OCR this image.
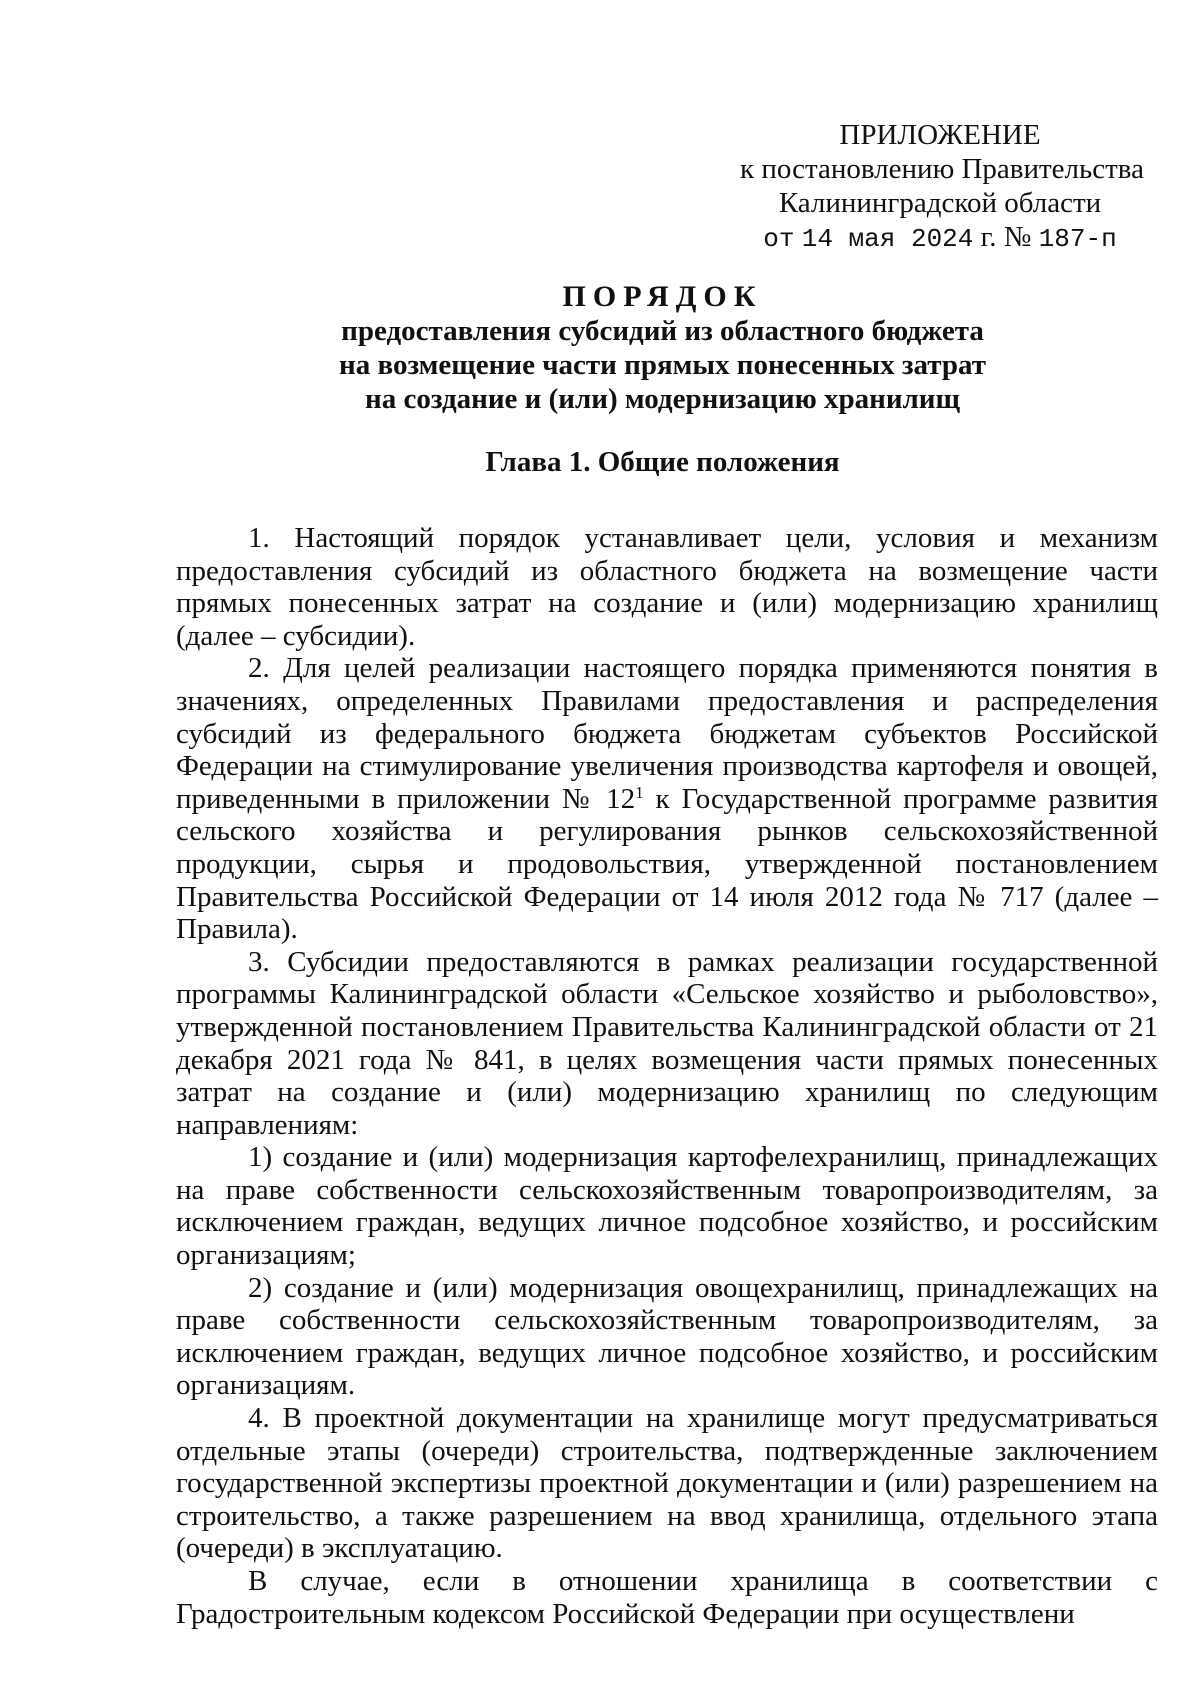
ПРИЛОЖЕНИЕ
к постановлению Правительства
Калининградской области
от 14 мая 2024 г. № 187-п
ПОРЯДОК
предоставления субсидий из областного бюджета
на возмещение части прямых понесенных затрат
на создание и (или) модернизацию хранилищ
Глава 1. Общие положения

1. Настоящий порядок устанавливает цели, условия и механизм предоставления субсидий из областного бюджета на возмещение части прямых понесенных затрат на создание и (или) модернизацию хранилищ (далее – субсидии).

2. Для целей реализации настоящего порядка применяются понятия в значениях, определенных Правилами предоставления и распределения субсидий из федерального бюджета бюджетам субъектов Российской Федерации на стимулирование увеличения производства картофеля и овощей, приведенными в приложении № $12^1$ к Государственной программе развития сельского хозяйства и регулирования рынков сельскохозяйственной продукции, сырья и продовольствия, утвержденной постановлением Правительства Российской Федерации от 14 июля 2012 года № 717 (далее – Правила).

3. Субсидии предоставляются в рамках реализации государственной программы Калининградской области «Сельское хозяйство и рыболовство», утвержденной постановлением Правительства Калининградской области от 21 декабря 2021 года № 841, в целях возмещения части прямых понесенных затрат на создание и (или) модернизацию хранилищ по следующим направлениям:

1) создание и (или) модернизация картофелехранилищ, принадлежащих на праве собственности сельскохозяйственным товаропроизводителям, за исключением граждан, ведущих личное подсобное хозяйство, и российским организациям;

2) создание и (или) модернизация овощехранилищ, принадлежащих на праве собственности сельскохозяйственным товаропроизводителям, за исключением граждан, ведущих личное подсобное хозяйство, и российским организациям.

4. В проектной документации на хранилище могут предусматриваться отдельные этапы (очереди) строительства, подтвержденные заключением государственной экспертизы проектной документации и (или) разрешением на строительство, а также разрешением на ввод хранилища, отдельного этапа (очереди) в эксплуатацию.

В случае, если в отношении хранилища в соответствии с Градостроительным кодексом Российской Федерации при осуществлени
